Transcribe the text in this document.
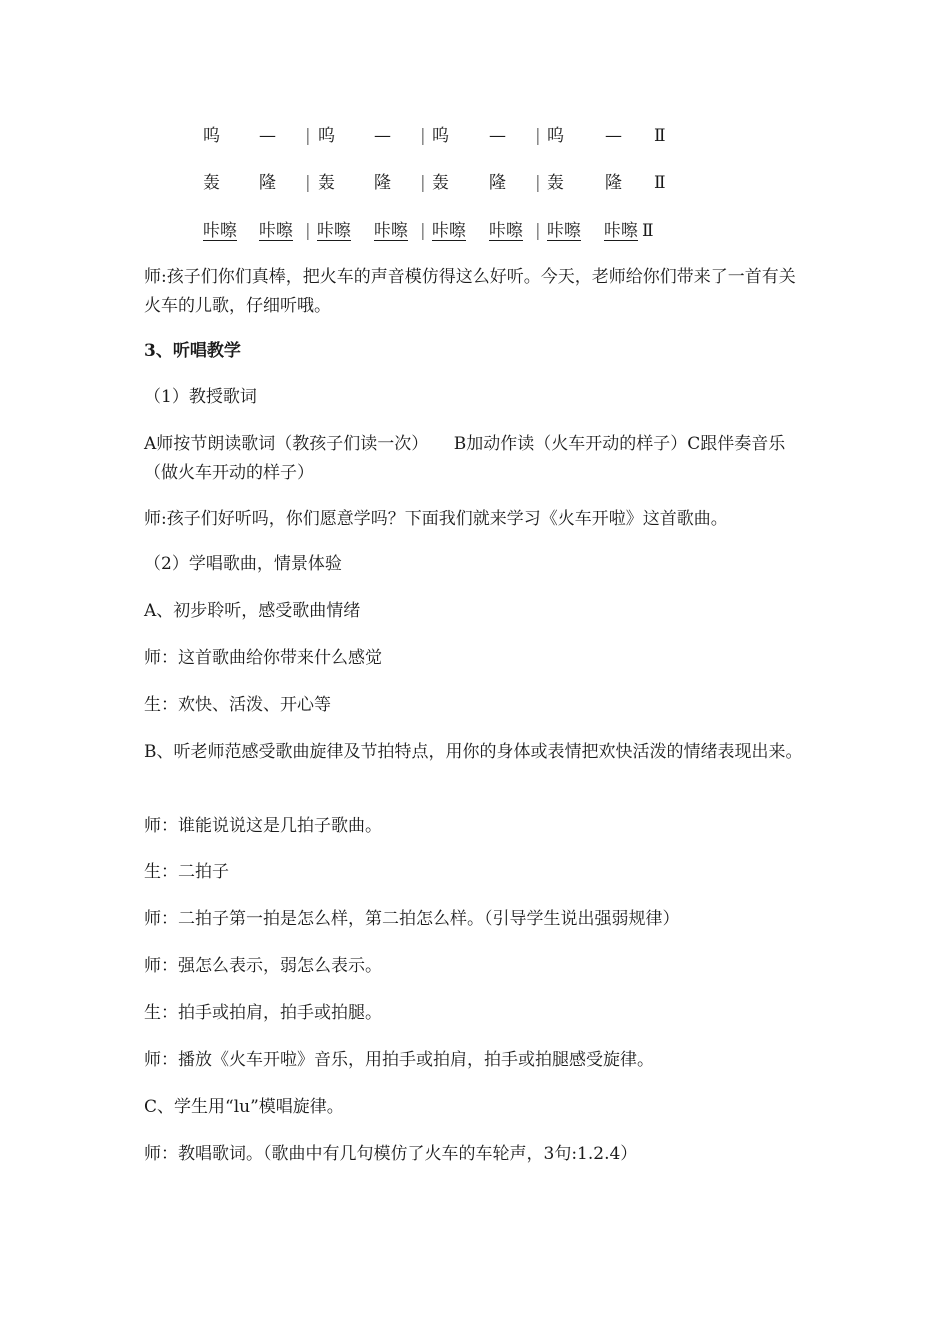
呜 — | 呜 — | 呜 — | 呜 — Ⅱ
轰 隆 | 轰 隆 | 轰 隆 | 轰 隆 Ⅱ
咔嚓 咔嚓 | 咔嚓 咔嚓 | 咔嚓 咔嚓 | 咔嚓 咔嚓 Ⅱ
师:孩子们你们真棒，把火车的声音模仿得这么好听。今天，老师给你们带来了一首有关火车的儿歌，仔细听哦。
3、听唱教学
（1）教授歌词
A师按节朗读歌词（教孩子们读一次）　　B加动作读（火车开动的样子）C跟伴奏音乐（做火车开动的样子）
师:孩子们好听吗，你们愿意学吗？下面我们就来学习《火车开啦》这首歌曲。
（2）学唱歌曲，情景体验
A、初步聆听，感受歌曲情绪
师：这首歌曲给你带来什么感觉
生：欢快、活泼、开心等
B、听老师范感受歌曲旋律及节拍特点，用你的身体或表情把欢快活泼的情绪表现出来。
师：谁能说说这是几拍子歌曲。
生：二拍子
师：二拍子第一拍是怎么样，第二拍怎么样。（引导学生说出强弱规律）
师：强怎么表示，弱怎么表示。
生：拍手或拍肩，拍手或拍腿。
师：播放《火车开啦》音乐，用拍手或拍肩，拍手或拍腿感受旋律。
C、学生用“lu”模唱旋律。
师：教唱歌词。（歌曲中有几句模仿了火车的车轮声，3句:1.2.4）
